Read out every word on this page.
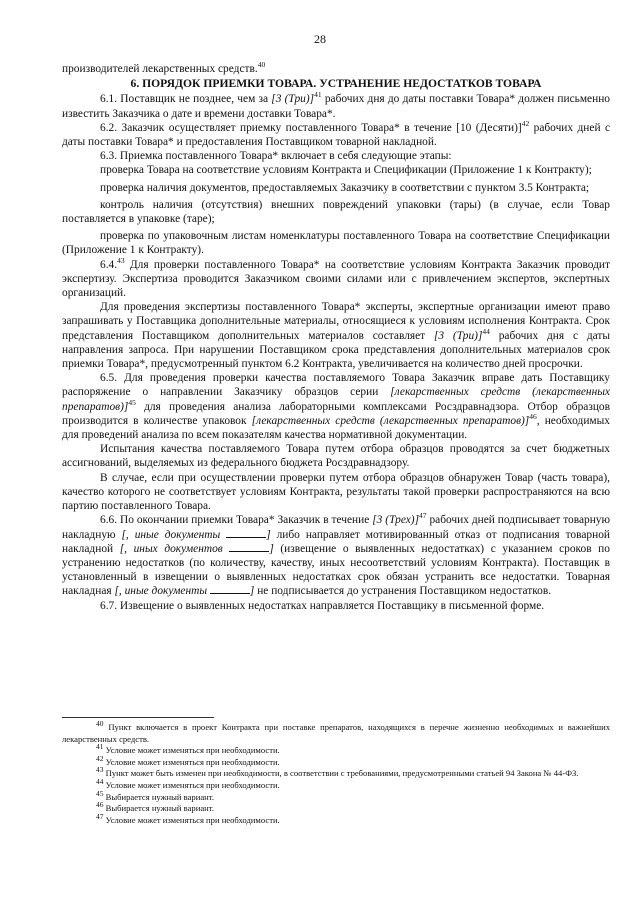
28

производителей лекарственных средств.$^{40}$

6. ПОРЯДОК ПРИЕМКИ ТОВАРА. УСТРАНЕНИЕ НЕДОСТАТКОВ ТОВАРА

6.1. Поставщик не позднее, чем за [3 (Три)]$^{41}$ рабочих дня до даты поставки Товара* должен письменно известить Заказчика о дате и времени доставки Товара*.

6.2. Заказчик осуществляет приемку поставленного Товара* в течение [10 (Десяти)]$^{42}$ рабочих дней с даты поставки Товара* и предоставления Поставщиком товарной накладной.

6.3. Приемка поставленного Товара* включает в себя следующие этапы:

проверка Товара на соответствие условиям Контракта и Спецификации (Приложение 1 к Контракту);

проверка наличия документов, предоставляемых Заказчику в соответствии с пунктом 3.5 Контракта;

контроль наличия (отсутствия) внешних повреждений упаковки (тары) (в случае, если Товар поставляется в упаковке (таре);

проверка по упаковочным листам номенклатуры поставленного Товара на соответствие Спецификации (Приложение 1 к Контракту).

6.4.43 Для проверки поставленного Товара* на соответствие условиям Контракта Заказчик проводит экспертизу. Экспертиза проводится Заказчиком своими силами или с привлечением экспертов, экспертных организаций.

Для проведения экспертизы поставленного Товара* эксперты, экспертные организации имеют право запрашивать у Поставщика дополнительные материалы, относящиеся к условиям исполнения Контракта. Срок представления Поставщиком дополнительных материалов составляет [3 (Три)]$^{44}$ рабочих дня с даты направления запроса. При нарушении Поставщиком срока представления дополнительных материалов срок приемки Товара*, предусмотренный пунктом 6.2 Контракта, увеличивается на количество дней просрочки.

6.5. Для проведения проверки качества поставляемого Товара Заказчик вправе дать Поставщику распоряжение о направлении Заказчику образцов серии [лекарственных средств (лекарственных препаратов)]$^{45}$ для проведения анализа лабораторными комплексами Росздравнадзора. Отбор образцов производится в количестве упаковок [лекарственных средств (лекарственных препаратов)]$^{46}$, необходимых для проведений анализа по всем показателям качества нормативной документации.

Испытания качества поставляемого Товара путем отбора образцов проводятся за счет бюджетных ассигнований, выделяемых из федерального бюджета Росздравнадзору.

В случае, если при осуществлении проверки путем отбора образцов обнаружен Товар (часть товара), качество которого не соответствует условиям Контракта, результаты такой проверки распространяются на всю партию поставленного Товара.

6.6. По окончании приемки Товара* Заказчик в течение [3 (Трех)]$^{47}$ рабочих дней подписывает товарную накладную [, иные документы	] либо направляет мотивированный отказ от подписания товарной накладной [, иных документов	] (извещение о выявленных недостатках) с указанием сроков по устранению недостатков (по количеству, качеству, иных несоответствий условиям Контракта). Поставщик в установленный в извещении о выявленных недостатках срок обязан устранить все недостатки. Товарная накладная [, иные документы	] не подписывается до устранения Поставщиком недостатков.

6.7. Извещение о выявленных недостатках направляется Поставщику в письменной форме.

$^{40}$ Пункт включается в проект Контракта при поставке препаратов, находящихся в перечне жизненно необходимых и важнейших лекарственных средств.

$^{41}$ Условие может изменяться при необходимости.

$^{42}$ Условие может изменяться при необходимости.

$^{43}$ Пункт может быть изменен при необходимости, в соответствии с требованиями, предусмотренными статьей 94 Закона № 44-ФЗ.

$^{44}$ Условие может изменяться при необходимости.

$^{45}$ Выбирается нужный вариант.

$^{46}$ Выбирается нужный вариант.

$^{47}$ Условие может изменяться при необходимости.
